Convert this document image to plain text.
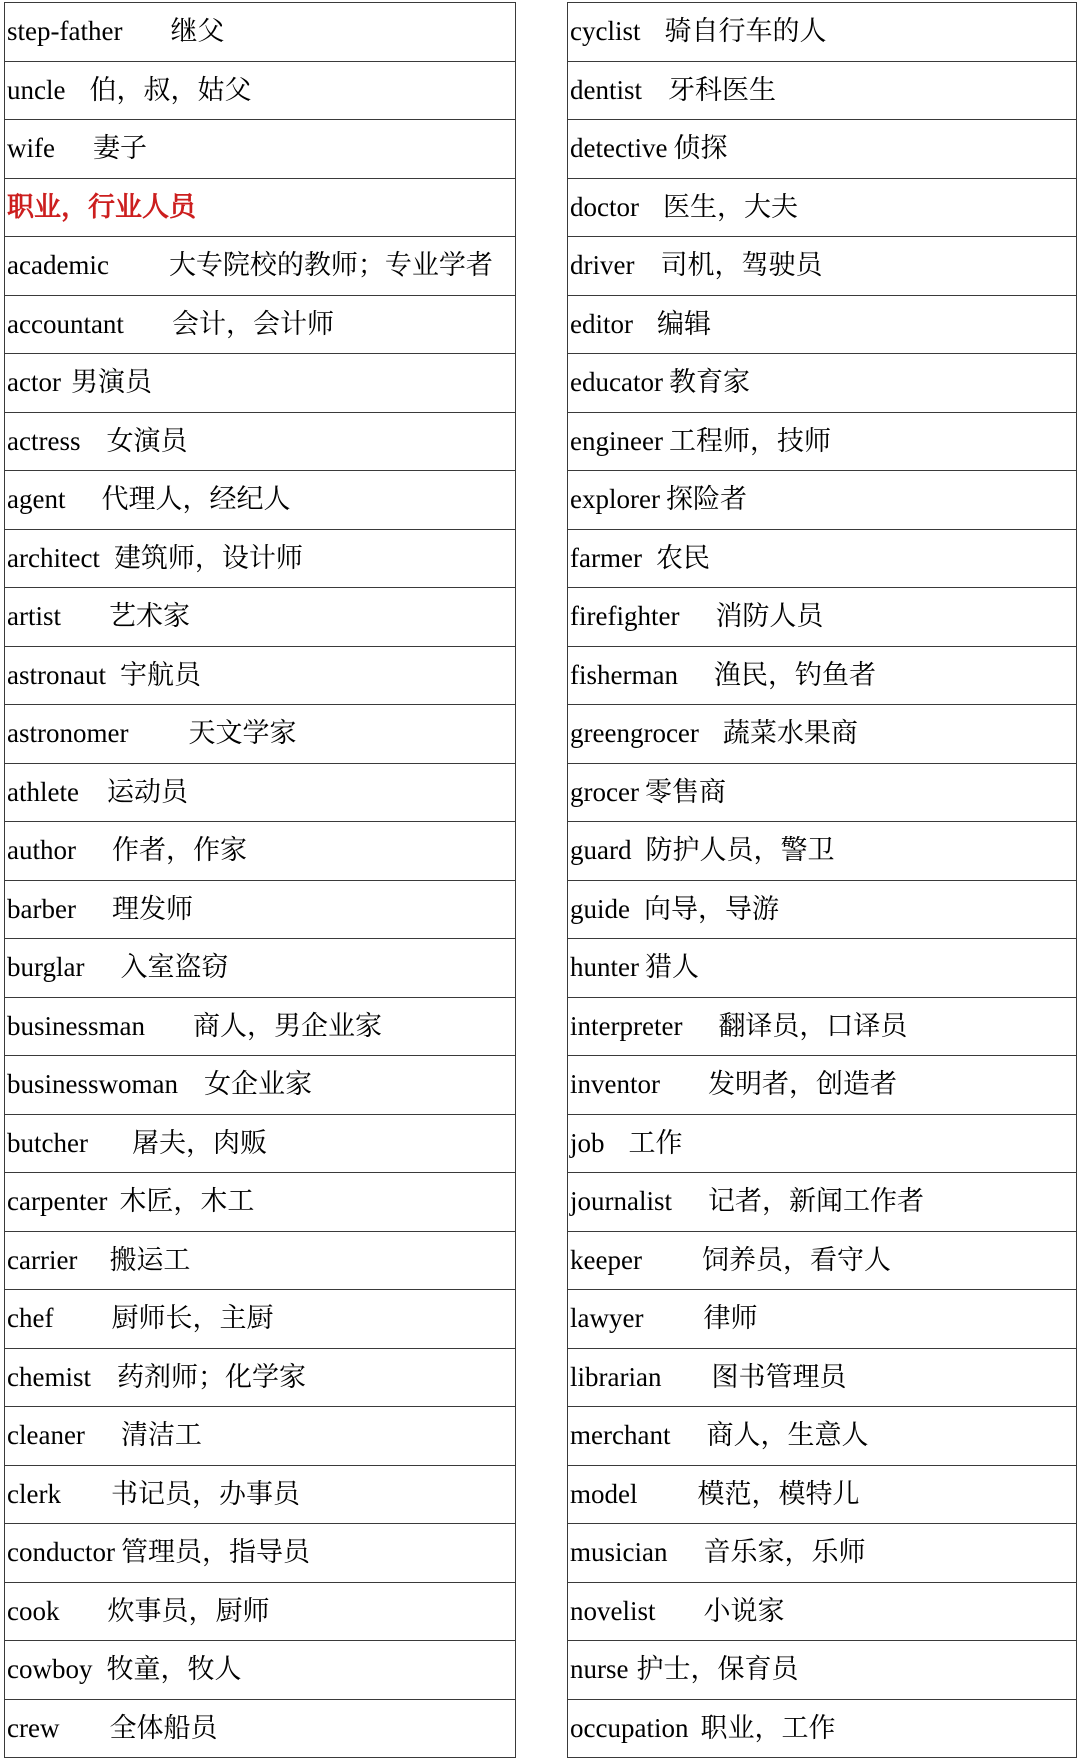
step-father 继父
uncle 伯，叔，姑父
wife 妻子
职业，行业人员
academic 大专院校的教师；专业学者
accountant 会计，会计师
actor 男演员
actress 女演员
agent 代理人，经纪人
architect 建筑师，设计师
artist 艺术家
astronaut 宇航员
astronomer 天文学家
athlete 运动员
author 作者，作家
barber 理发师
burglar 入室盗窃
businessman 商人，男企业家
businesswoman 女企业家
butcher 屠夫，肉贩
carpenter 木匠，木工
carrier 搬运工
chef 厨师长，主厨
chemist 药剂师；化学家
cleaner 清洁工
clerk 书记员，办事员
conductor 管理员，指导员
cook 炊事员，厨师
cowboy 牧童，牧人
crew 全体船员
cyclist 骑自行车的人
dentist 牙科医生
detective 侦探
doctor 医生，大夫
driver 司机，驾驶员
editor 编辑
educator 教育家
engineer 工程师，技师
explorer 探险者
farmer 农民
firefighter 消防人员
fisherman 渔民，钓鱼者
greengrocer 蔬菜水果商
grocer 零售商
guard 防护人员，警卫
guide 向导，导游
hunter 猎人
interpreter 翻译员，口译员
inventor 发明者，创造者
job 工作
journalist 记者，新闻工作者
keeper 饲养员，看守人
lawyer 律师
librarian 图书管理员
merchant 商人，生意人
model 模范，模特儿
musician 音乐家，乐师
novelist 小说家
nurse 护士，保育员
occupation 职业，工作
